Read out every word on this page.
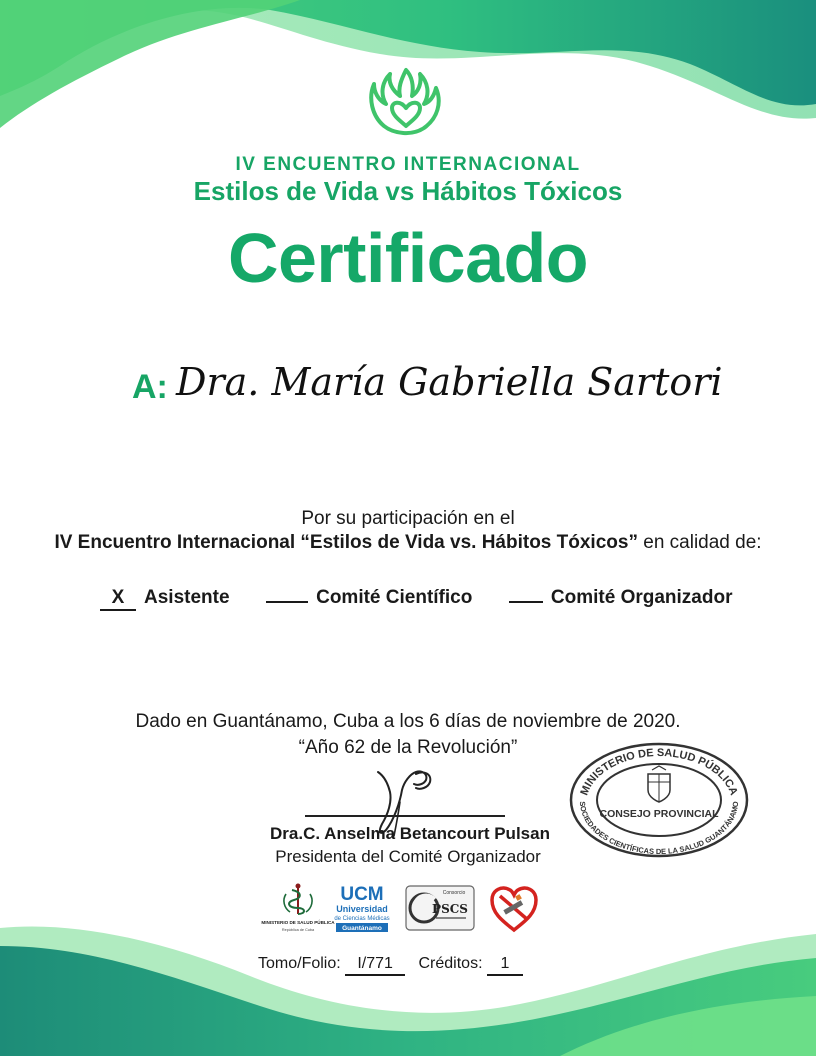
IV ENCUENTRO INTERNACIONAL
Estilos de Vida vs Hábitos Tóxicos
Certificado
A: Dra. María Gabriella Sartori
Por su participación en el
IV Encuentro Internacional “Estilos de Vida vs. Hábitos Tóxicos” en calidad de:
X Asistente	Comité Científico	Comité Organizador
Dado en Guantánamo, Cuba a los 6 días de noviembre de 2020.
“Año 62 de la Revolución”
Dra.C. Anselma Betancourt Pulsan
Presidenta del Comité Organizador
MINISTERIO DE SALUD PÚBLICA
SOCIEDADES CIENTÍFICAS DE LA SALUD GUANTÁNAMO
CONSEJO PROVINCIAL
MINISTERIO DE SALUD PÚBLICA
República de Cuba
UCM
Universidad
de Ciencias Médicas
Guantánamo
Consorcio
PSCS
Tomo/Folio: I/771 Créditos: 1
